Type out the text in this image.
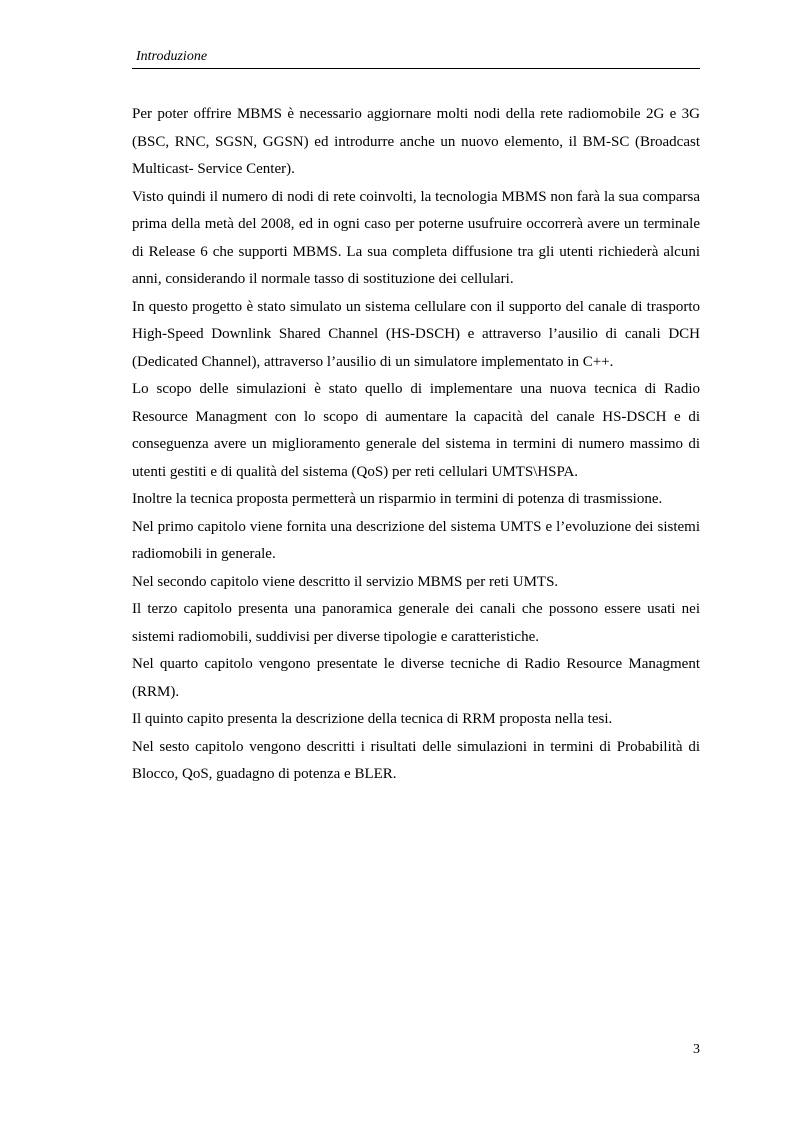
Introduzione

Per poter offrire MBMS è necessario aggiornare molti nodi della rete radiomobile 2G e 3G (BSC, RNC, SGSN, GGSN) ed introdurre anche un nuovo elemento, il BM-SC (Broadcast Multicast- Service Center).

Visto quindi il numero di nodi di rete coinvolti, la tecnologia MBMS non farà la sua comparsa prima della metà del 2008, ed in ogni caso per poterne usufruire occorrerà avere un terminale di Release 6 che supporti MBMS. La sua completa diffusione tra gli utenti richiederà alcuni anni, considerando il normale tasso di sostituzione dei cellulari.

In questo progetto è stato simulato un sistema cellulare con il supporto del canale di trasporto High-Speed Downlink Shared Channel (HS-DSCH) e attraverso l’ausilio di canali DCH (Dedicated Channel), attraverso l’ausilio di un simulatore implementato in C++.

Lo scopo delle simulazioni è stato quello di implementare una nuova tecnica di Radio Resource Managment con lo scopo di aumentare la capacità del canale HS-DSCH e di conseguenza avere un miglioramento generale del sistema in termini di numero massimo di utenti gestiti e di qualità del sistema (QoS) per reti cellulari UMTS\HSPA.

Inoltre la tecnica proposta permetterà un risparmio in termini di potenza di trasmissione.

Nel primo capitolo viene fornita una descrizione del sistema UMTS e l’evoluzione dei sistemi radiomobili in generale.

Nel secondo capitolo viene descritto il servizio MBMS per reti UMTS.

Il terzo capitolo presenta una panoramica generale dei canali che possono essere usati nei sistemi radiomobili, suddivisi per diverse tipologie e caratteristiche.

Nel quarto capitolo vengono presentate le diverse tecniche di Radio Resource Managment (RRM).

Il quinto capito presenta la descrizione della tecnica di RRM proposta nella tesi.

Nel sesto capitolo vengono descritti i risultati delle simulazioni in termini di Probabilità di Blocco, QoS, guadagno di potenza e BLER.

3
